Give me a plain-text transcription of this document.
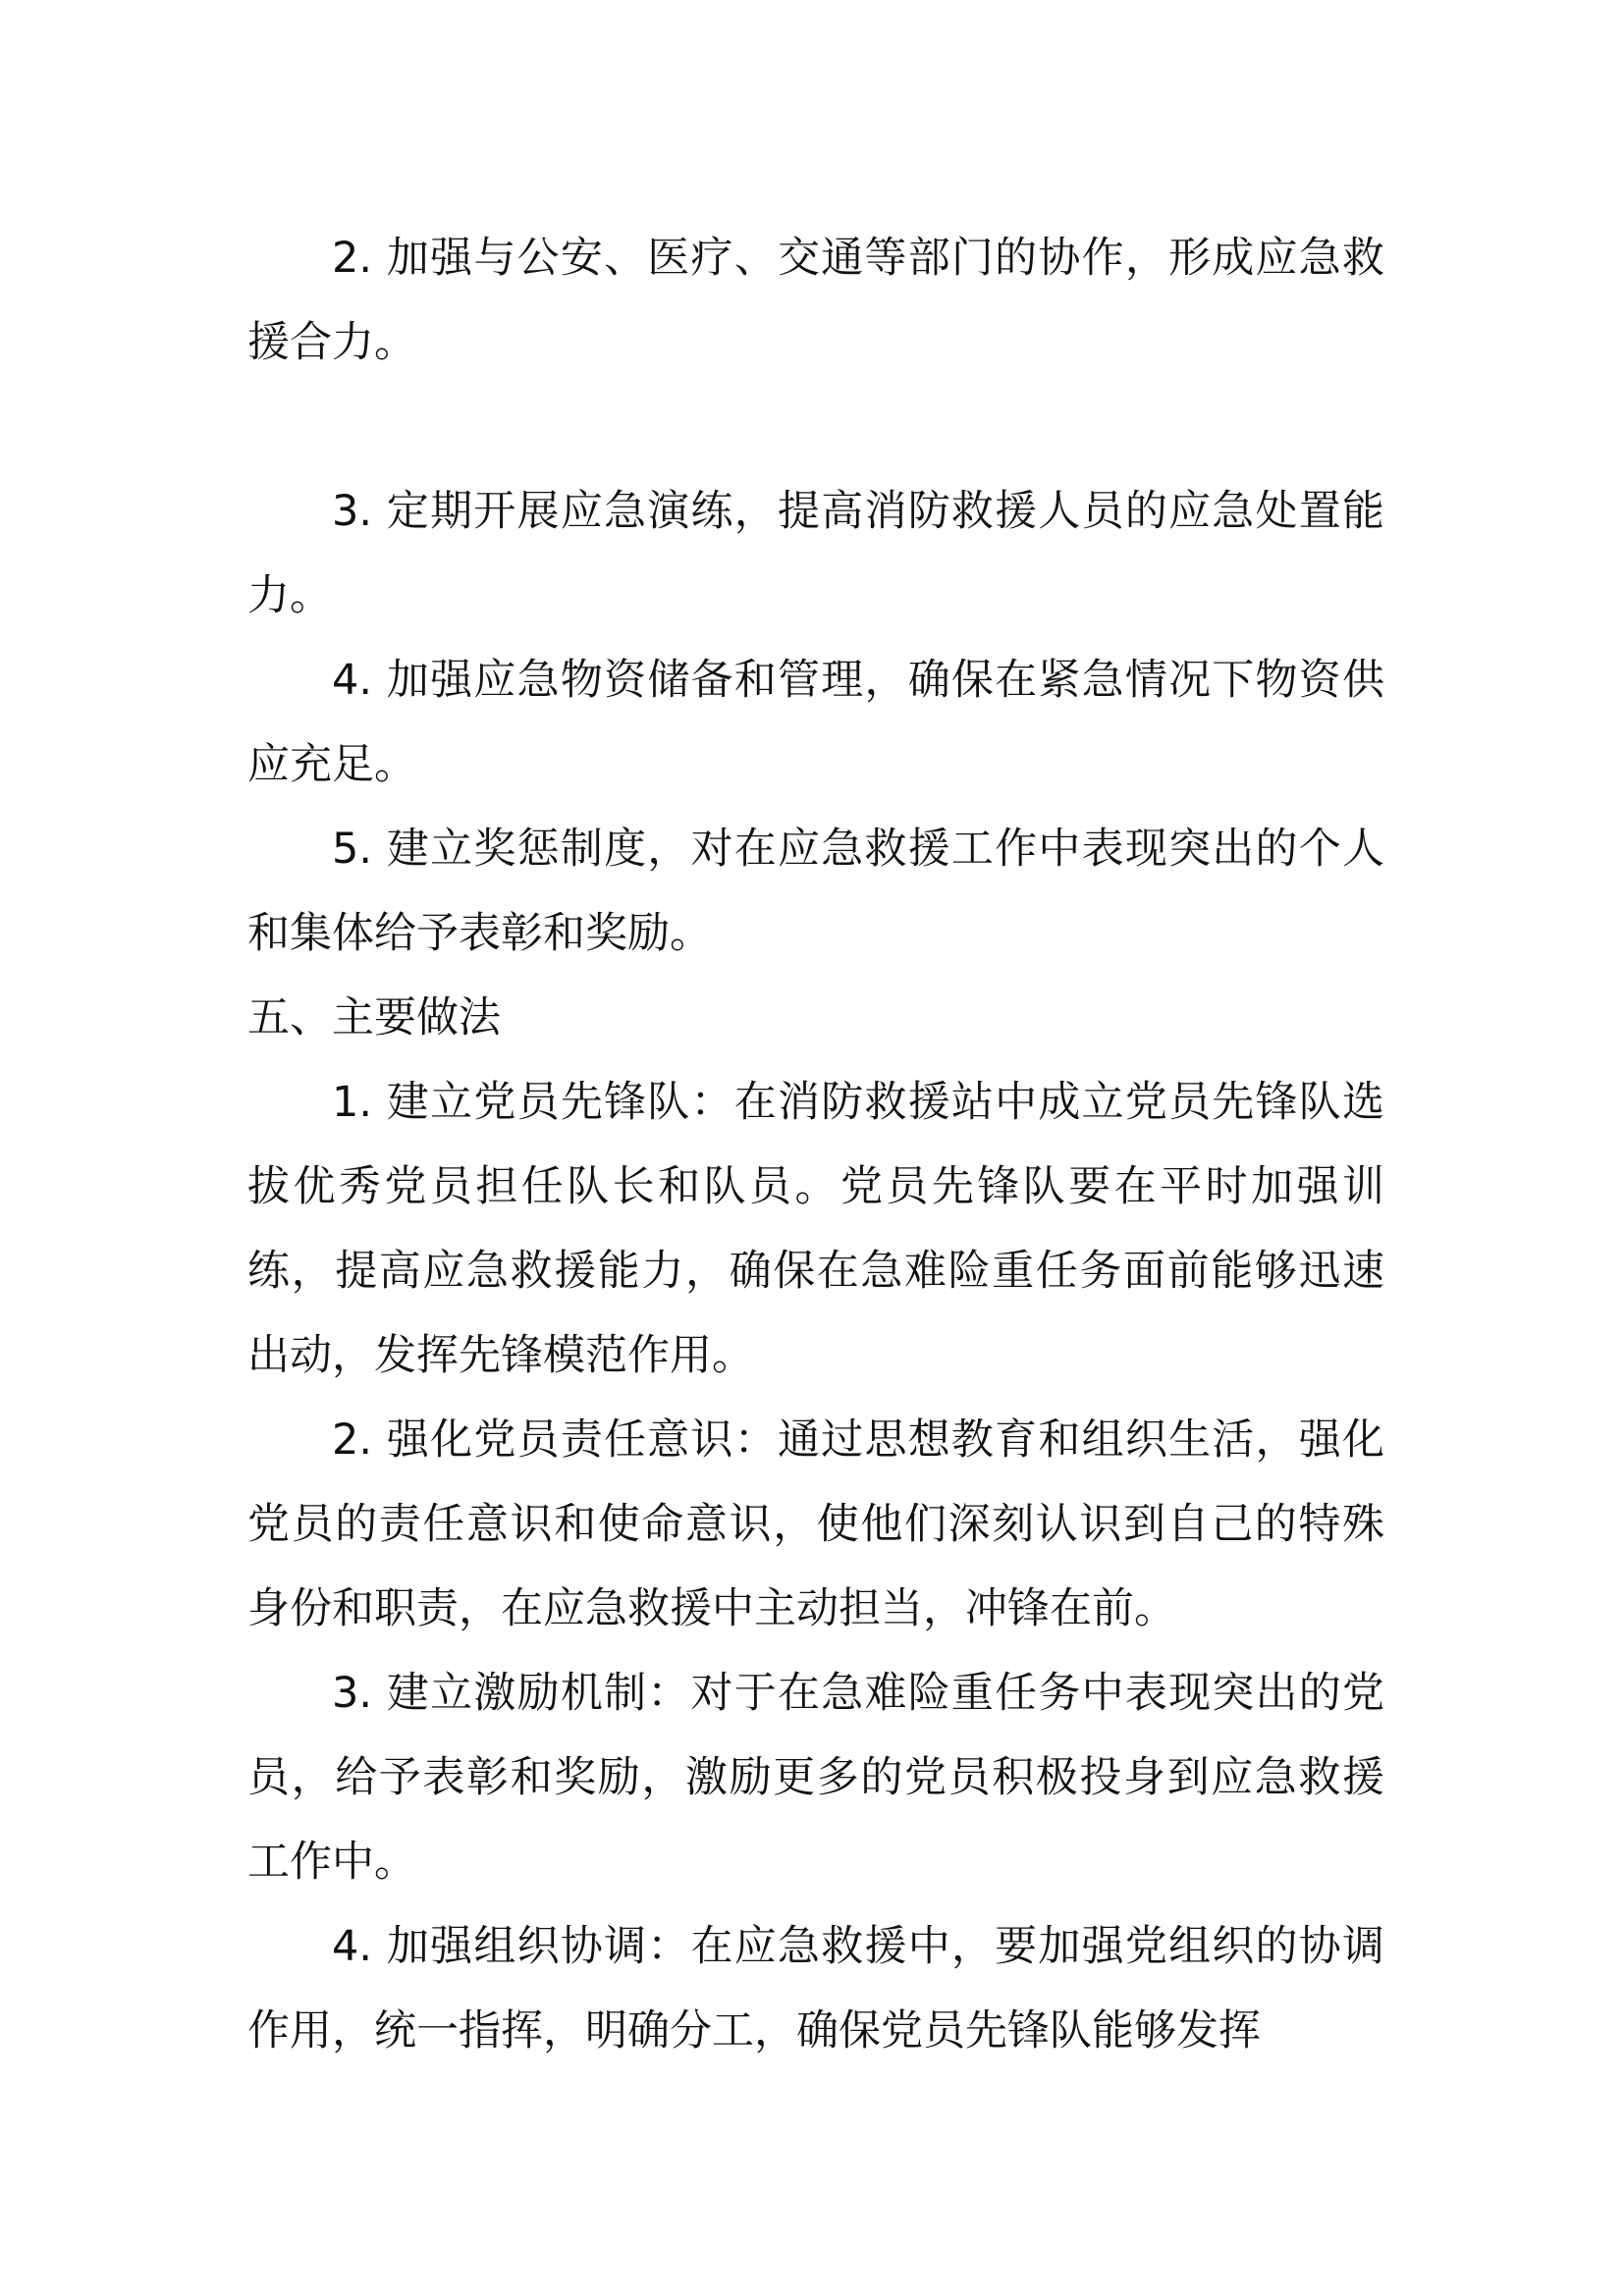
2. 加强与公安、医疗、交通等部门的协作，形成应急救援合力。

3. 定期开展应急演练，提高消防救援人员的应急处置能力。

4. 加强应急物资储备和管理，确保在紧急情况下物资供应充足。

5. 建立奖惩制度，对在应急救援工作中表现突出的个人和集体给予表彰和奖励。

五、主要做法

1. 建立党员先锋队：在消防救援站中成立党员先锋队选拔优秀党员担任队长和队员。党员先锋队要在平时加强训练，提高应急救援能力，确保在急难险重任务面前能够迅速出动，发挥先锋模范作用。

2. 强化党员责任意识：通过思想教育和组织生活，强化党员的责任意识和使命意识，使他们深刻认识到自己的特殊身份和职责，在应急救援中主动担当，冲锋在前。

3. 建立激励机制：对于在急难险重任务中表现突出的党员，给予表彰和奖励，激励更多的党员积极投身到应急救援工作中。

4. 加强组织协调：在应急救援中，要加强党组织的协调作用，统一指挥，明确分工，确保党员先锋队能够发挥
